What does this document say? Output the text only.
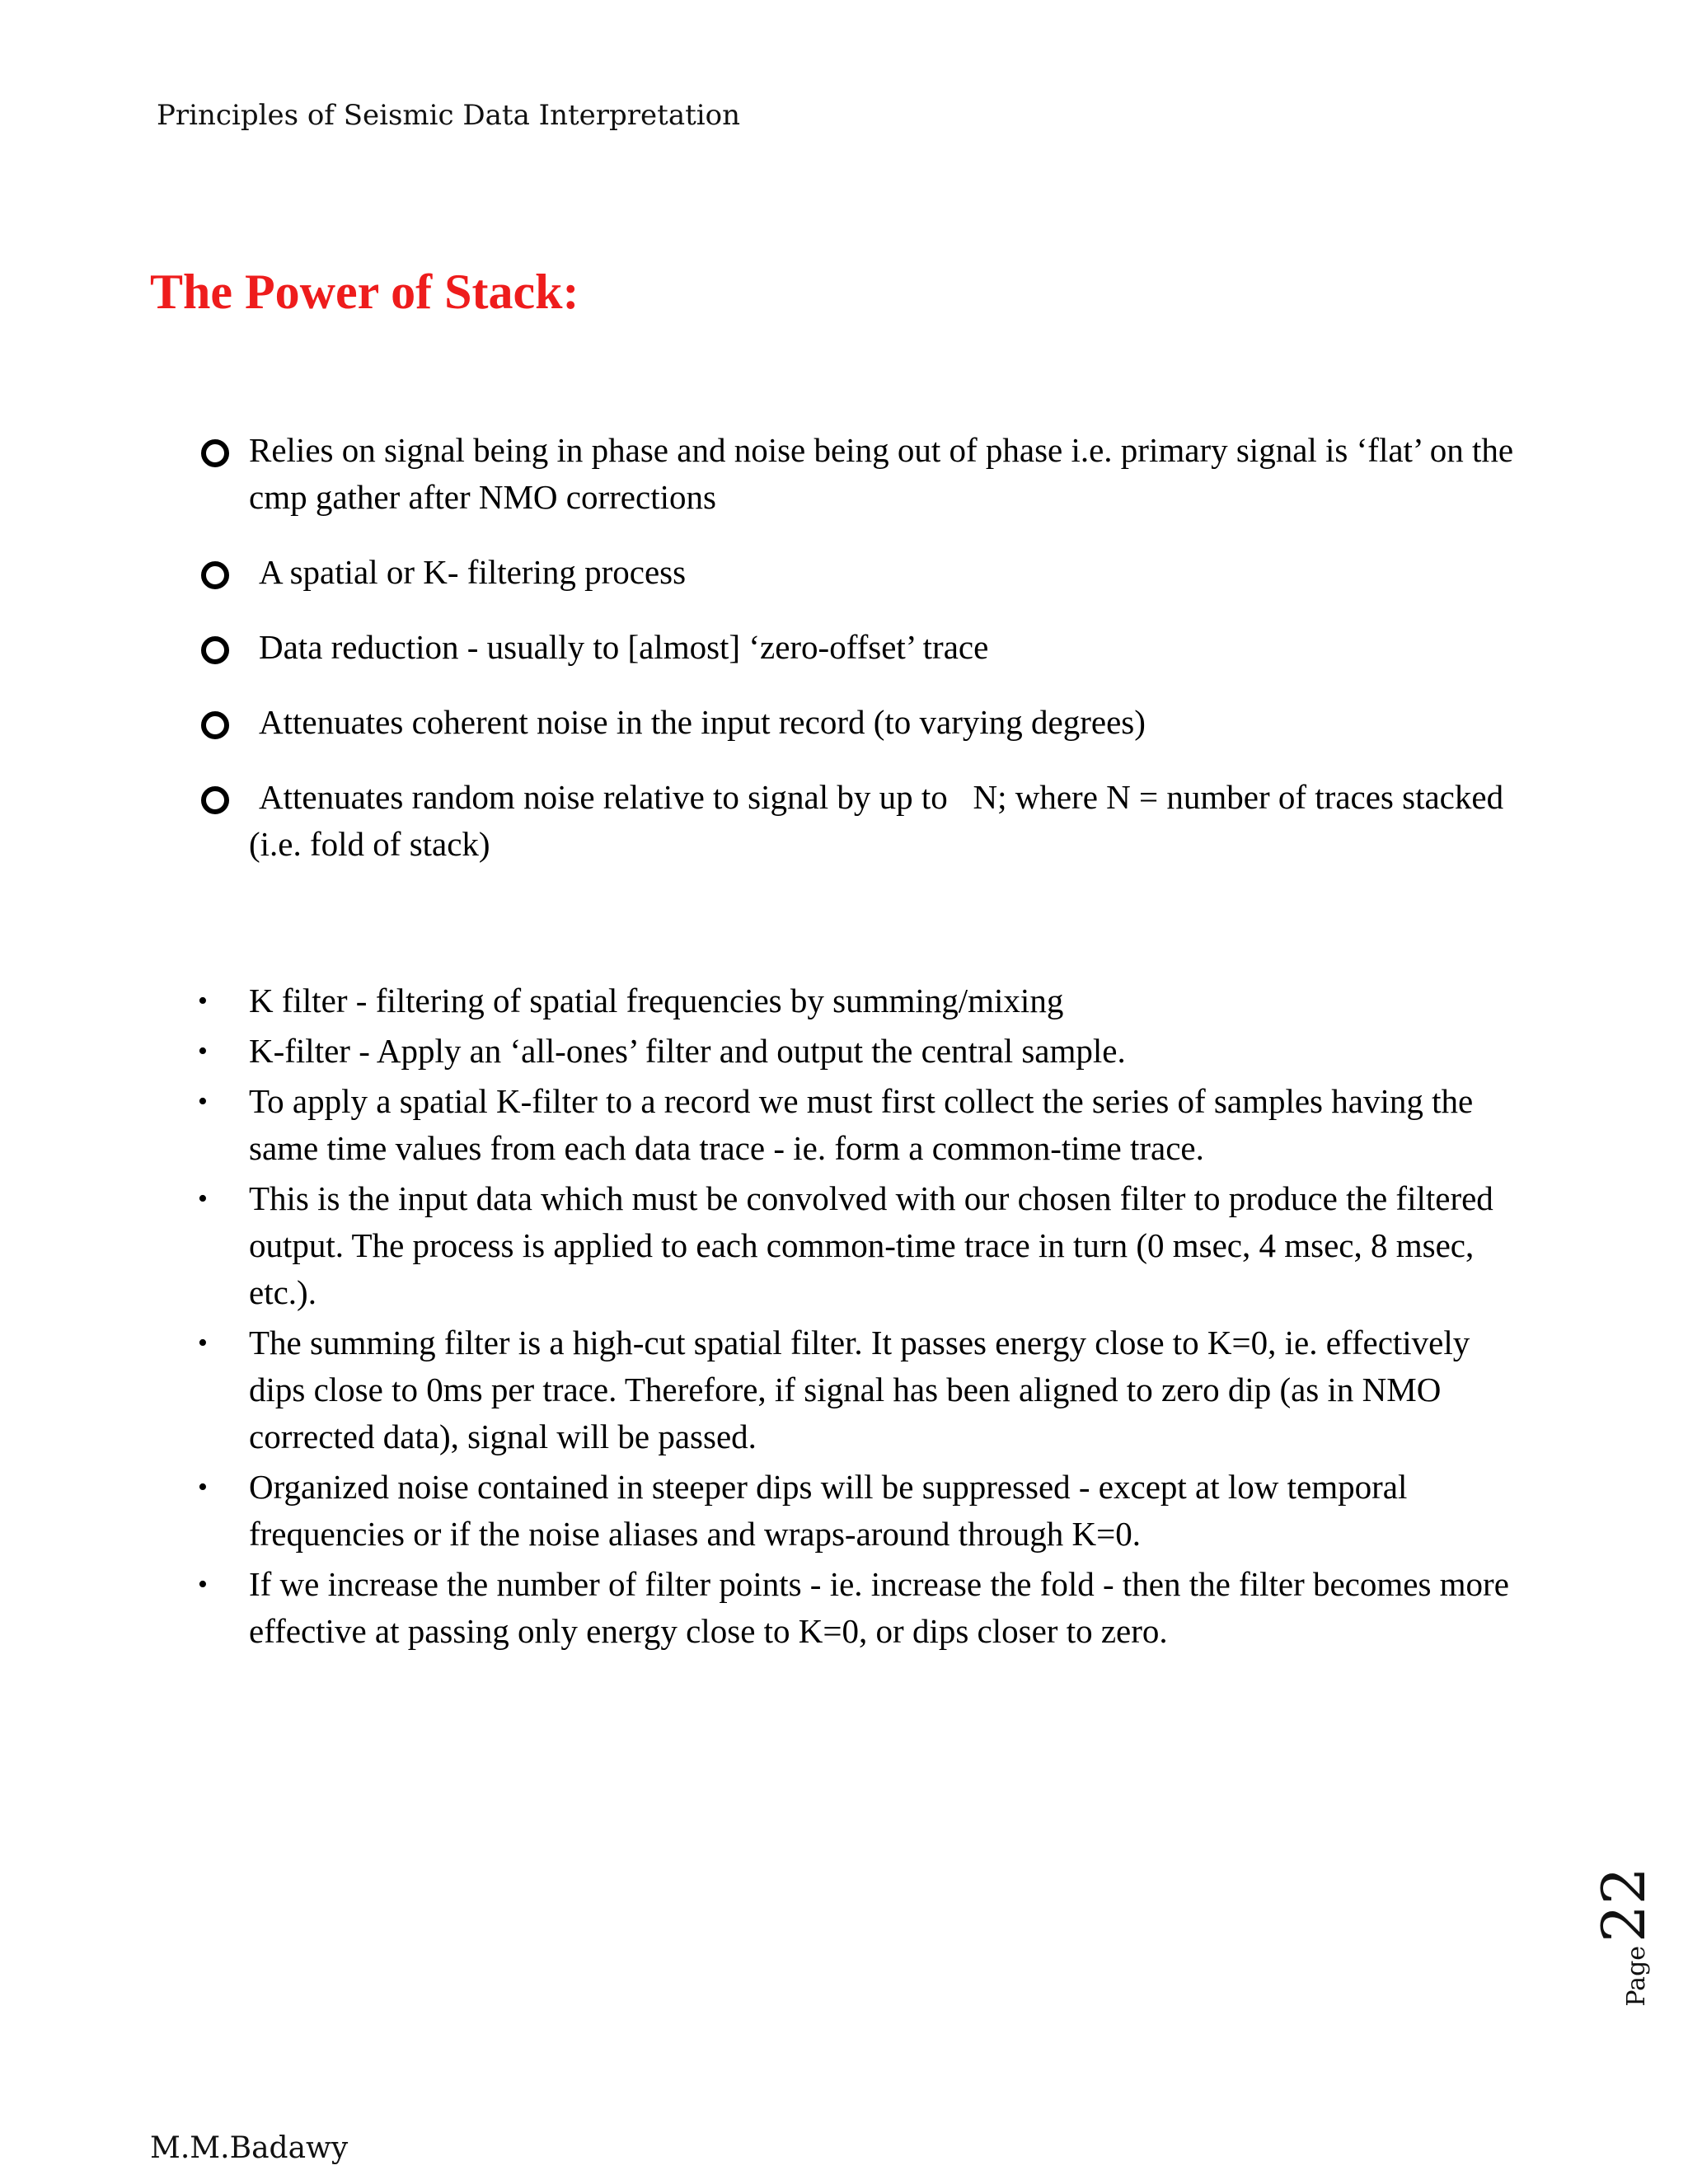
Principles of Seismic Data Interpretation
The Power of Stack:
Relies on signal being in phase and noise being out of phase i.e. primary signal is ‘flat’ on the cmp gather after NMO corrections
A spatial or K- filtering process
Data reduction - usually to [almost] ‘zero-offset’ trace
Attenuates coherent noise in the input record (to varying degrees)
Attenuates random noise relative to signal by up to   N; where N = number of traces stacked (i.e. fold of stack)
• K filter - filtering of spatial frequencies by summing/mixing
• K-filter - Apply an ‘all-ones’ filter and output the central sample.
• To apply a spatial K-filter to a record we must first collect the series of samples having the same time values from each data trace - ie. form a common-time trace.
• This is the input data which must be convolved with our chosen filter to produce the filtered output. The process is applied to each common-time trace in turn (0 msec, 4 msec, 8 msec, etc.).
• The summing filter is a high-cut spatial filter. It passes energy close to K=0, ie. effectively dips close to 0ms per trace. Therefore, if signal has been aligned to zero dip (as in NMO corrected data), signal will be passed.
• Organized noise contained in steeper dips will be suppressed - except at low temporal frequencies or if the noise aliases and wraps-around through K=0.
• If we increase the number of filter points - ie. increase the fold - then the filter becomes more effective at passing only energy close to K=0, or dips closer to zero.
Page22
M.M.Badawy
